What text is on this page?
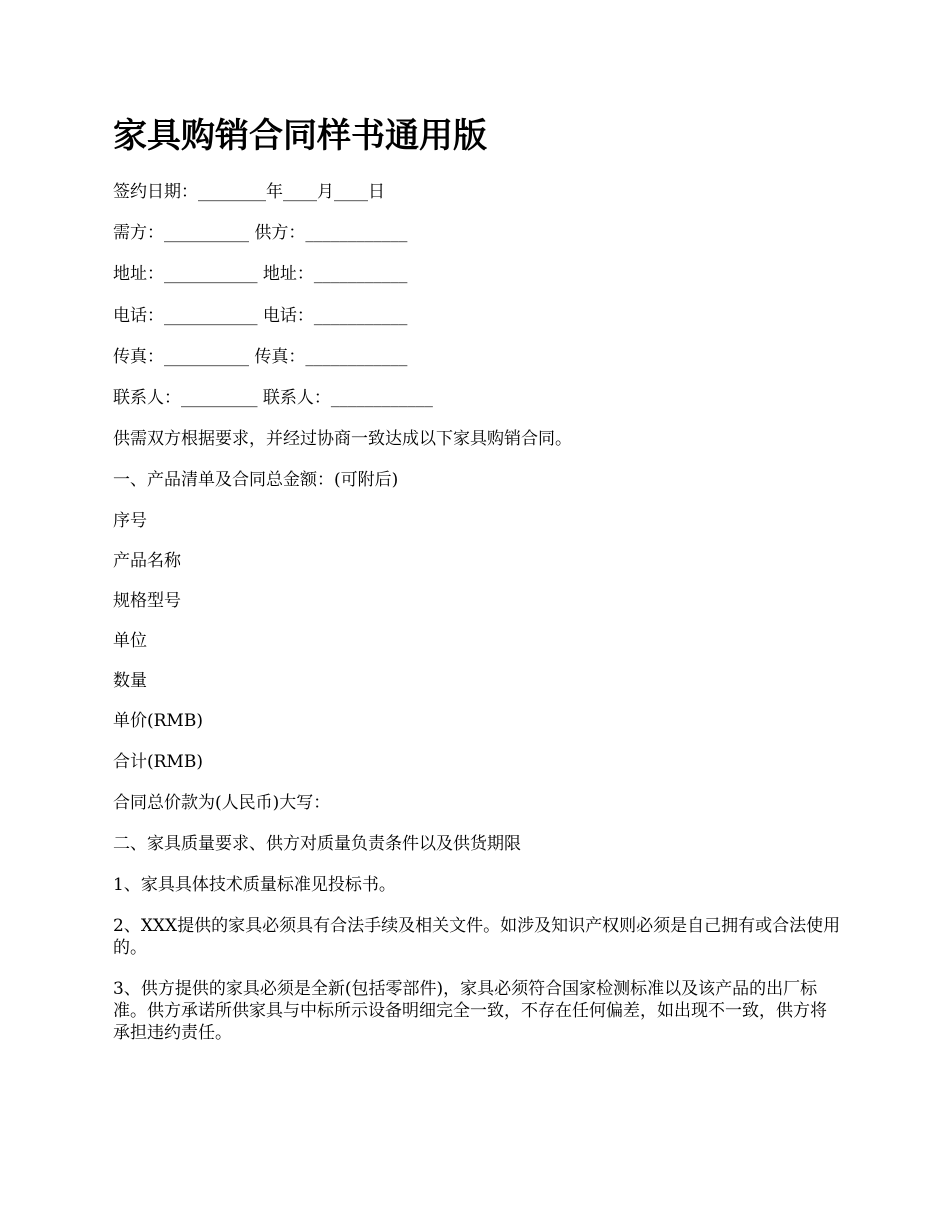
家具购销合同样书通用版

签约日期：________年____月____日

需方：__________ 供方：____________

地址：___________ 地址：___________

电话：___________ 电话：___________

传真：__________ 传真：____________

联系人：_________ 联系人：____________

供需双方根据要求，并经过协商一致达成以下家具购销合同。

一、产品清单及合同总金额：(可附后)

序号

产品名称

规格型号

单位

数量

单价(RMB)

合计(RMB)

合同总价款为(人民币)大写：

二、家具质量要求、供方对质量负责条件以及供货期限

1、家具具体技术质量标准见投标书。

2、XXX提供的家具必须具有合法手续及相关文件。如涉及知识产权则必须是自己拥有或合法使用的。

3、供方提供的家具必须是全新(包括零部件)，家具必须符合国家检测标准以及该产品的出厂标准。供方承诺所供家具与中标所示设备明细完全一致，不存在任何偏差，如出现不一致，供方将承担违约责任。
